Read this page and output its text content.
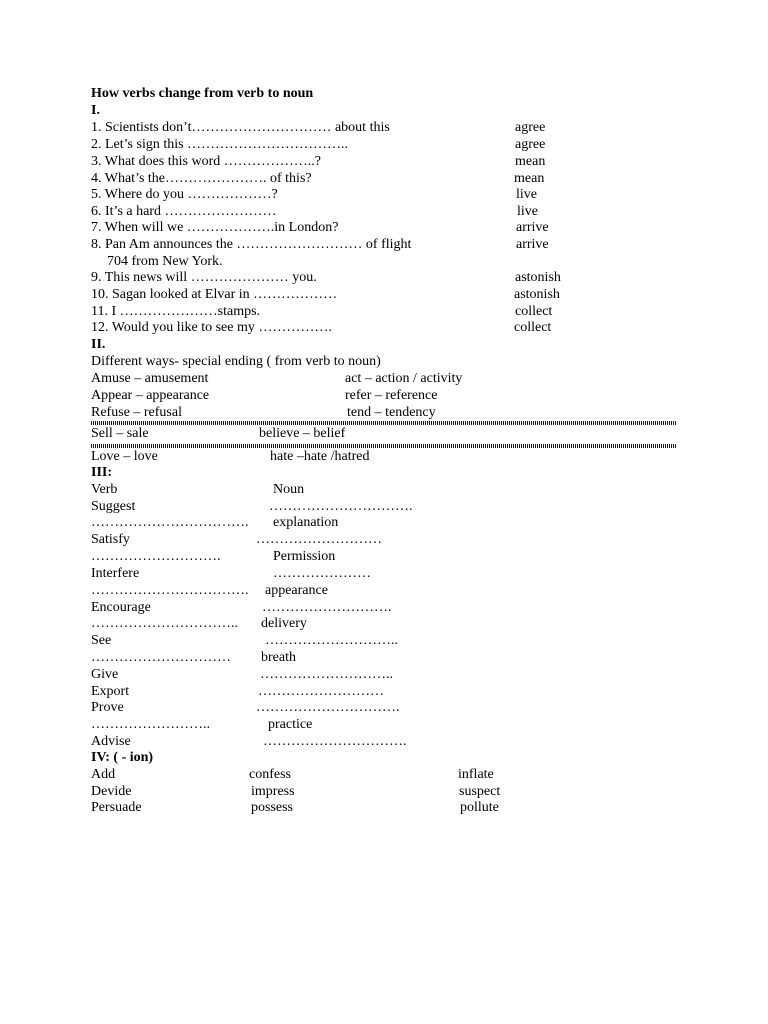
How verbs change from verb to noun
I.
1. Scientists don’t………………………… about this	agree
2. Let’s sign this ……………………………..	agree
3. What does this word ………………..?	mean
4. What’s the…………………. of this?	mean
5. Where do you ………………?	live
6. It’s a hard ……………………	live
7. When will we ……………….in London?	arrive
8. Pan Am announces the ……………………… of flight	arrive
704 from New York.
9. This news will ………………… you.	astonish
10. Sagan looked at Elvar in ………………	astonish
11. I …………………stamps.	collect
12. Would you like to see my …………….	collect
II.
Different ways- special ending ( from verb to noun)
Amuse – amusement	act – action / activity
Appear – appearance	refer – reference
Refuse – refusal	tend – tendency
Sell – sale	believe – belief
Love – love	hate –hate /hatred
III:
Verb	Noun
Suggest	………………………….
……………………………. explanation
Satisfy	………………………
……………………….	Permission
Interfere	…………………
……………………………. appearance
Encourage	……………………….
………………………….. delivery
See	………………………..
………………………… breath
Give	………………………..
Export	………………………
Prove	………………………….
……………………..	practice
Advise	………………………….
IV: ( - ion)
Add	confess	inflate
Devide	impress	suspect
Persuade	possess	pollute
